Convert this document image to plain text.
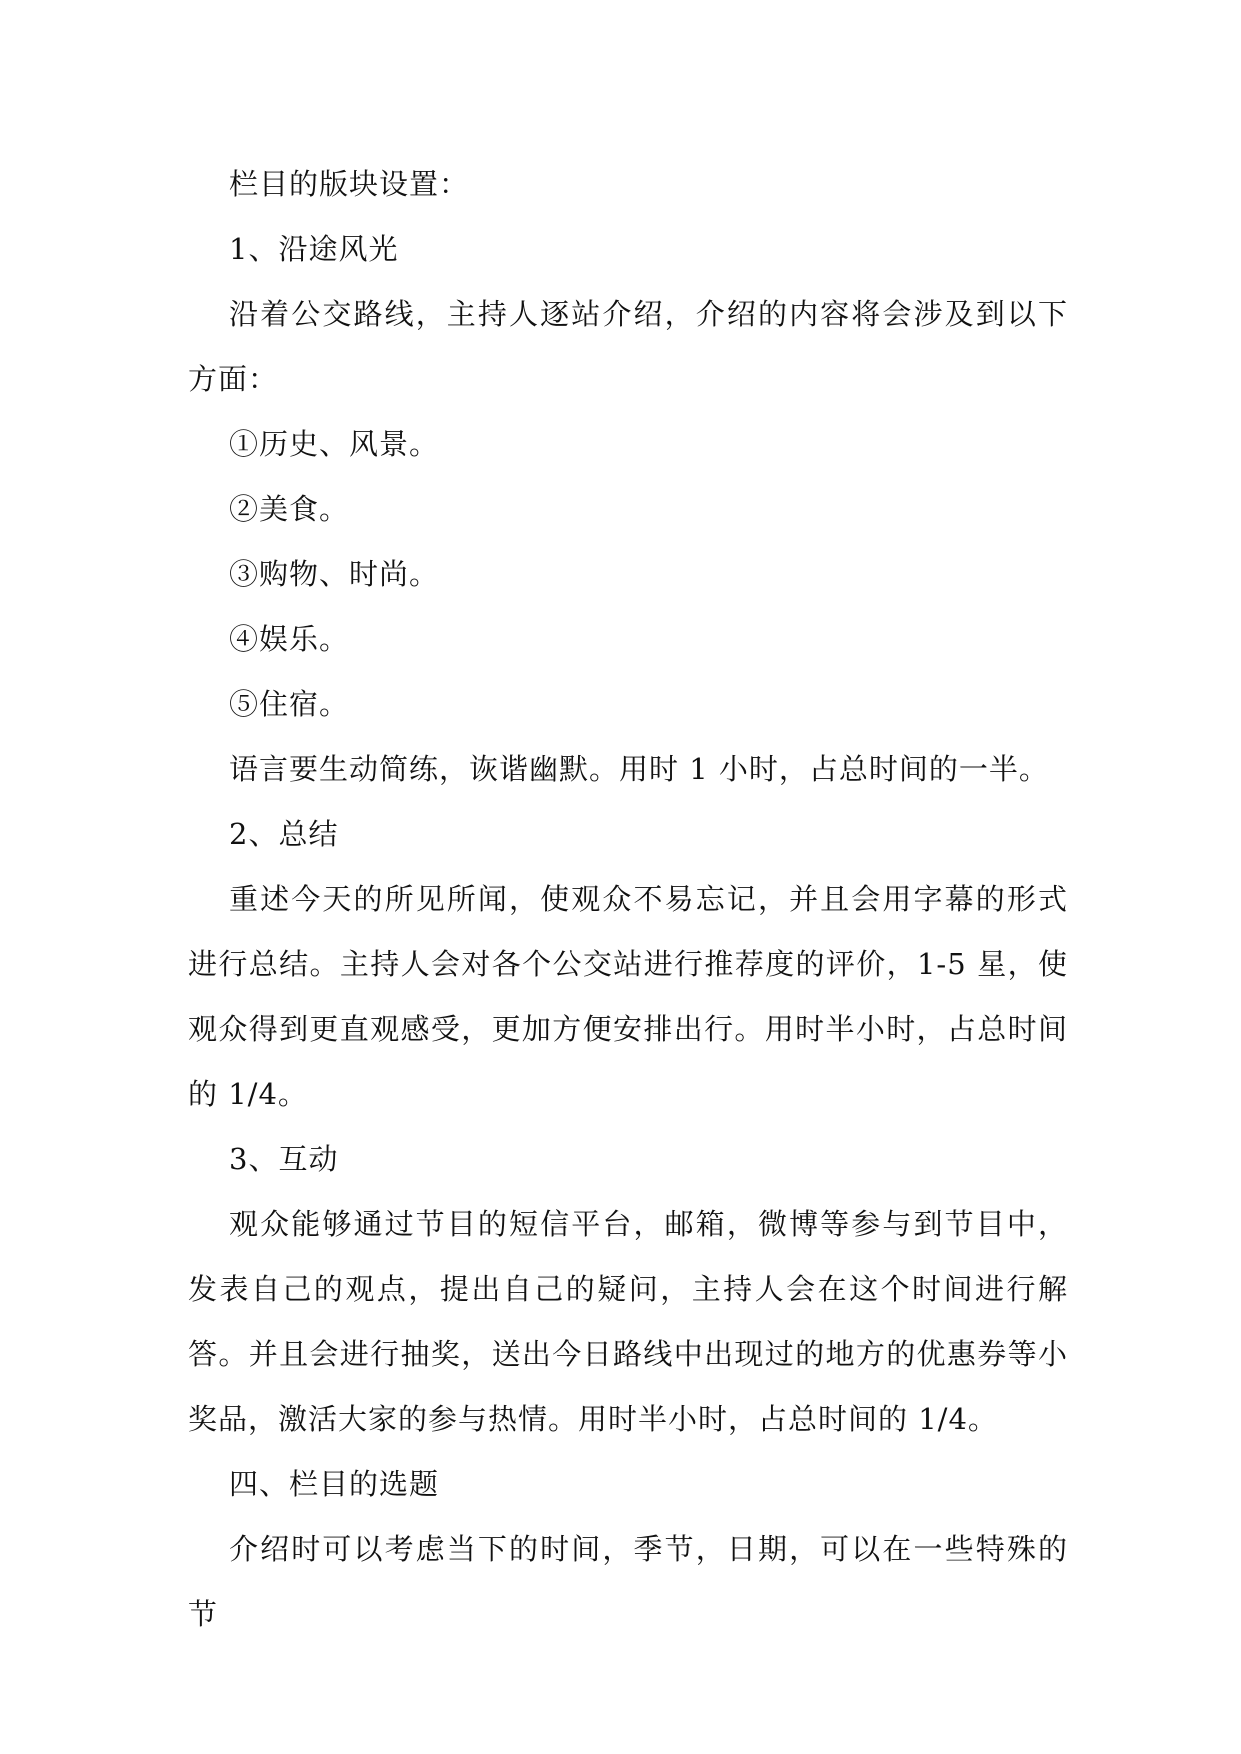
栏目的版块设置：

1、沿途风光

沿着公交路线，主持人逐站介绍，介绍的内容将会涉及到以下方面：

①历史、风景。

②美食。

③购物、时尚。

④娱乐。

⑤住宿。

语言要生动简练，诙谐幽默。用时 1 小时，占总时间的一半。

2、总结

重述今天的所见所闻，使观众不易忘记，并且会用字幕的形式进行总结。主持人会对各个公交站进行推荐度的评价，1-5 星，使观众得到更直观感受，更加方便安排出行。用时半小时，占总时间的 1/4。

3、互动

观众能够通过节目的短信平台，邮箱，微博等参与到节目中，发表自己的观点，提出自己的疑问，主持人会在这个时间进行解答。并且会进行抽奖，送出今日路线中出现过的地方的优惠券等小奖品，激活大家的参与热情。用时半小时，占总时间的 1/4。

四、栏目的选题

介绍时可以考虑当下的时间，季节，日期，可以在一些特殊的节
